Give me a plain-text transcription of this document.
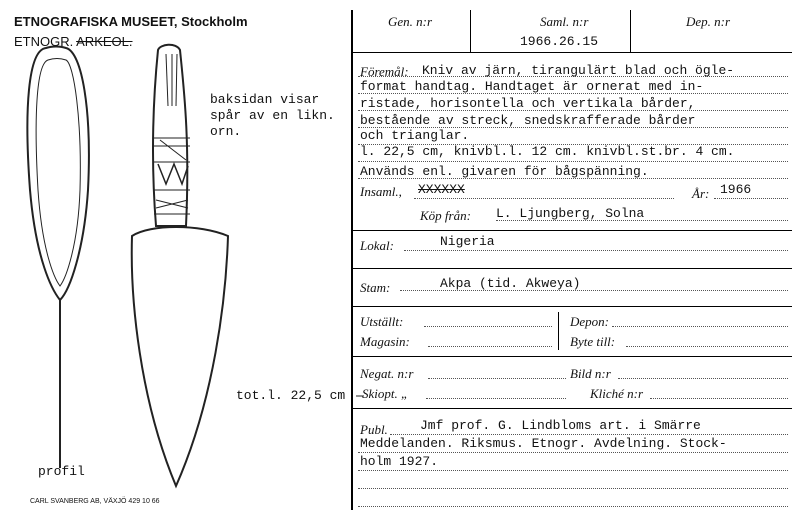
ETNOGRAFISKA MUSEET, Stockholm
ETNOGR. ARKEOL.
baksidan visar
spår av en likn.
orn.
tot.l. 22,5 cm
profil
CARL SVANBERG AB, VÄXJÖ 429 10 66
Gen. n:r	Saml. n:r	Dep. n:r
1966.26.15
Föremål: Kniv av järn, tirangulärt blad och ögle-
format handtag. Handtaget är ornerat med in-
ristade, horisontella och vertikala bårder,
bestående av streck, snedskrafferade bårder
och trianglar.
l. 22,5 cm, knivbl.l. 12 cm. knivbl.st.br. 4 cm.
Används enl. givaren för bågspänning.
Insaml., XXXXXX	År: 1966
Köp från: L. Ljungberg, Solna
Lokal:	Nigeria
Stam:	Akpa (tid. Akweya)
Utställt:	Depon:
Magasin:	Byte till:
Negat. n:r	Bild n:r
Skiopt. „	Kliché n:r
Publ. Jmf prof. G. Lindbloms art. i Smärre
Meddelanden. Riksmus. Etnogr. Avdelning. Stock-
holm 1927.
